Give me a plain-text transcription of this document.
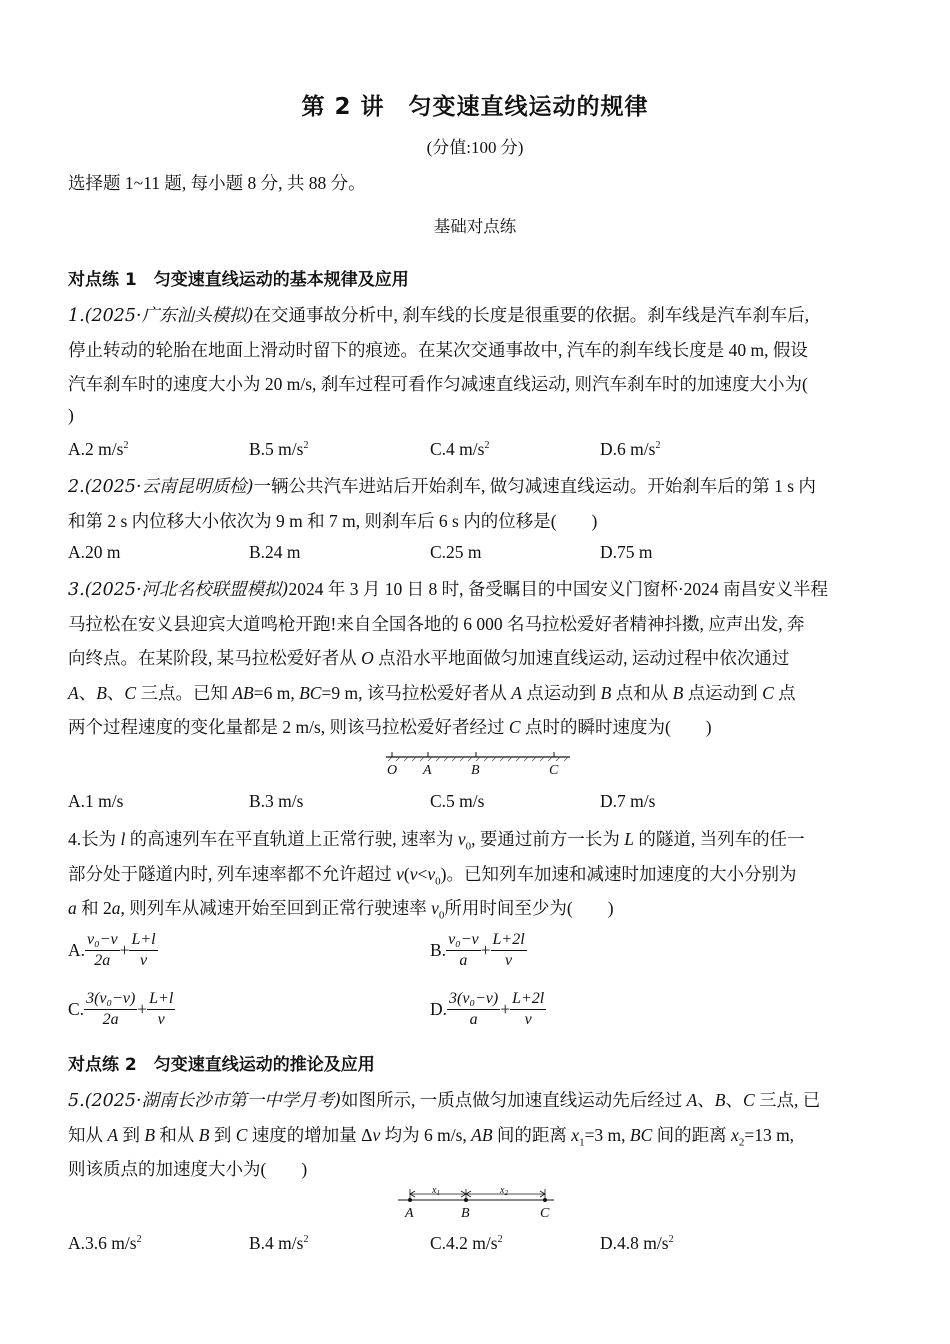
第 2 讲　匀变速直线运动的规律
(分值:100 分)
选择题 1~11 题, 每小题 8 分, 共 88 分。
基础对点练
对点练 1　匀变速直线运动的基本规律及应用
1.(2025·广东汕头模拟)在交通事故分析中, 刹车线的长度是很重要的依据。刹车线是汽车刹车后,
停止转动的轮胎在地面上滑动时留下的痕迹。在某次交通事故中, 汽车的刹车线长度是 40 m, 假设
汽车刹车时的速度大小为 20 m/s, 刹车过程可看作匀减速直线运动, 则汽车刹车时的加速度大小为(
)
A.2 $m/s^2$	B.5 $m/s^2$	C.4 $m/s^2$	D.6 $m/s^2$
2.(2025·云南昆明质检)一辆公共汽车进站后开始刹车, 做匀减速直线运动。开始刹车后的第 1 s 内
和第 2 s 内位移大小依次为 9 m 和 7 m, 则刹车后 6 s 内的位移是(　　)
A.20 m	B.24 m	C.25 m	D.75 m
3.(2025·河北名校联盟模拟)2024 年 3 月 10 日 8 时, 备受瞩目的中国安义门窗杯·2024 南昌安义半程
马拉松在安义县迎宾大道鸣枪开跑!来自全国各地的 6 000 名马拉松爱好者精神抖擞, 应声出发, 奔
向终点。在某阶段, 某马拉松爱好者从 O 点沿水平地面做匀加速直线运动, 运动过程中依次通过
A、B、C 三点。已知 AB=6 m, BC=9 m, 该马拉松爱好者从 A 点运动到 B 点和从 B 点运动到 C 点
两个过程速度的变化量都是 2 m/s, 则该马拉松爱好者经过 C 点时的瞬时速度为(　　)
O A	B	C
A.1 m/s	B.3 m/s	C.5 m/s	D.7 m/s
4.长为 l 的高速列车在平直轨道上正常行驶, 速率为 $v_0$, 要通过前方一长为 L 的隧道, 当列车的任一
部分处于隧道内时, 列车速率都不允许超过 $v(v<v_0)$。已知列车加速和减速时加速度的大小分别为
a 和 2a, 则列车从减速开始至回到正常行驶速率 $v_0$所用时间至少为(　　)
A. $\frac{\text{v₀−v}}{2a} + \frac{L+l}{v}$	B. $\frac{\text{v₀−v}}{a} + \frac{L+2l}{v}$
C. $\frac{\text{3(v₀−v)}}{2a} + \frac{L+l}{v}$	D. $\frac{\text{3(v₀−v)}}{a} + \frac{L+2l}{v}$
对点练 2　匀变速直线运动的推论及应用
5.(2025·湖南长沙市第一中学月考)如图所示, 一质点做匀加速直线运动先后经过 A、B、C 三点, 已
知从 A 到 B 和从 B 到 C 速度的增加量 Δv 均为 6 m/s, AB 间的距离 $x_1=3$ m, BC 间的距离 $x_2=13$ m,
则该质点的加速度大小为(　　)
$x_1$	$x_2$
A	B	C
A.3.6 $m/s^2$	B.4 $m/s^2$	C.4.2 $m/s^2$	D.4.8 $m/s^2$
